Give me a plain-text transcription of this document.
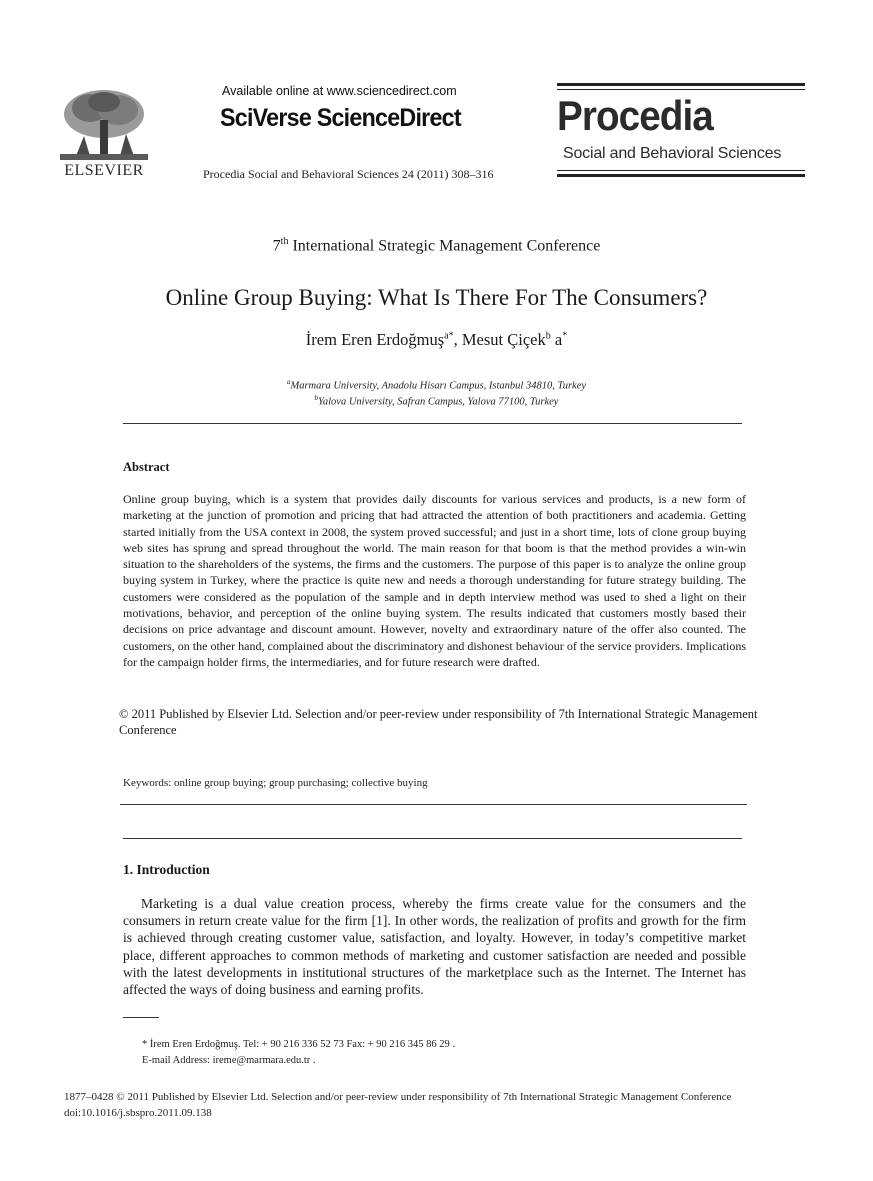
ELSEVIER
Available online at www.sciencedirect.com
SciVerse ScienceDirect
Procedia Social and Behavioral Sciences 24 (2011) 308–316
Procedia
Social and Behavioral Sciences
7th International Strategic Management Conference
Online Group Buying: What Is There For The Consumers?
İrem Eren Erdoğmuş$^{a*}$, Mesut Çiçek$^b$ a*
$^a$Marmara University, Anadolu Hisarı Campus, Istanbul 34810, Turkey
$^b$Yalova University, Safran Campus, Yalova 77100, Turkey
Abstract
Online group buying, which is a system that provides daily discounts for various services and products, is a new form of marketing at the junction of promotion and pricing that had attracted the attention of both practitioners and academia. Getting started initially from the USA context in 2008, the system proved successful; and just in a short time, lots of clone group buying web sites has sprung and spread throughout the world. The main reason for that boom is that the method provides a win-win situation to the shareholders of the systems, the firms and the customers. The purpose of this paper is to analyze the online group buying system in Turkey, where the practice is quite new and needs a thorough understanding for future strategy building. The customers were considered as the population of the sample and in depth interview method was used to shed a light on their motivations, behavior, and perception of the online buying system. The results indicated that customers mostly based their decisions on price advantage and discount amount. However, novelty and extraordinary nature of the offer also counted. The customers, on the other hand, complained about the discriminatory and dishonest behaviour of the service providers. Implications for the campaign holder firms, the intermediaries, and for future research were drafted.
© 2011 Published by Elsevier Ltd. Selection and/or peer-review under responsibility of 7th International Strategic Management Conference
Keywords: online group buying; group purchasing; collective buying
1. Introduction
Marketing is a dual value creation process, whereby the firms create value for the consumers and the consumers in return create value for the firm [1]. In other words, the realization of profits and growth for the firm is achieved through creating customer value, satisfaction, and loyalty. However, in today’s competitive market place, different approaches to common methods of marketing and customer satisfaction are needed and possible with the latest developments in institutional structures of the marketplace such as the Internet. The Internet has affected the ways of doing business and earning profits.
* İrem Eren Erdoğmuş. Tel: + 90 216 336 52 73 Fax: + 90 216 345 86 29 .
E-mail Address: ireme@marmara.edu.tr .
1877–0428 © 2011 Published by Elsevier Ltd. Selection and/or peer-review under responsibility of 7th International Strategic Management Conference
doi:10.1016/j.sbspro.2011.09.138
